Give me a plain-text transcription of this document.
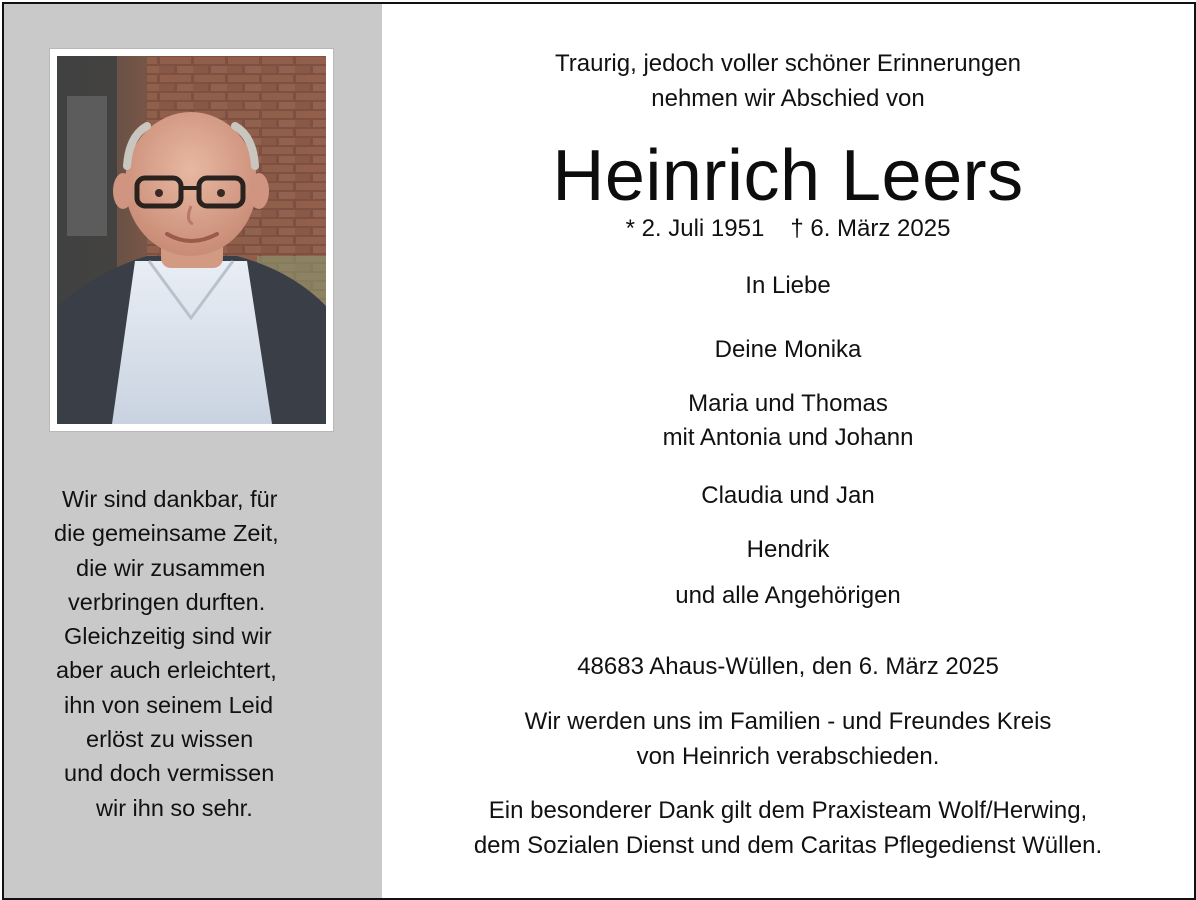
Wir sind dankbar, für
die gemeinsame Zeit,
die wir zusammen
verbringen durften.
Gleichzeitig sind wir
aber auch erleichtert,
ihn von seinem Leid
erlöst zu wissen
und doch vermissen
wir ihn so sehr.
Traurig, jedoch voller schöner Erinnerungen
nehmen wir Abschied von
Heinrich Leers
* 2. Juli 1951 † 6. März 2025
In Liebe
Deine Monika
Maria und Thomas
mit Antonia und Johann
Claudia und Jan
Hendrik
und alle Angehörigen
48683 Ahaus-Wüllen, den 6. März 2025
Wir werden uns im Familien - und Freundes Kreis
von Heinrich verabschieden.
Ein besonderer Dank gilt dem Praxisteam Wolf/Herwing,
dem Sozialen Dienst und dem Caritas Pflegedienst Wüllen.
